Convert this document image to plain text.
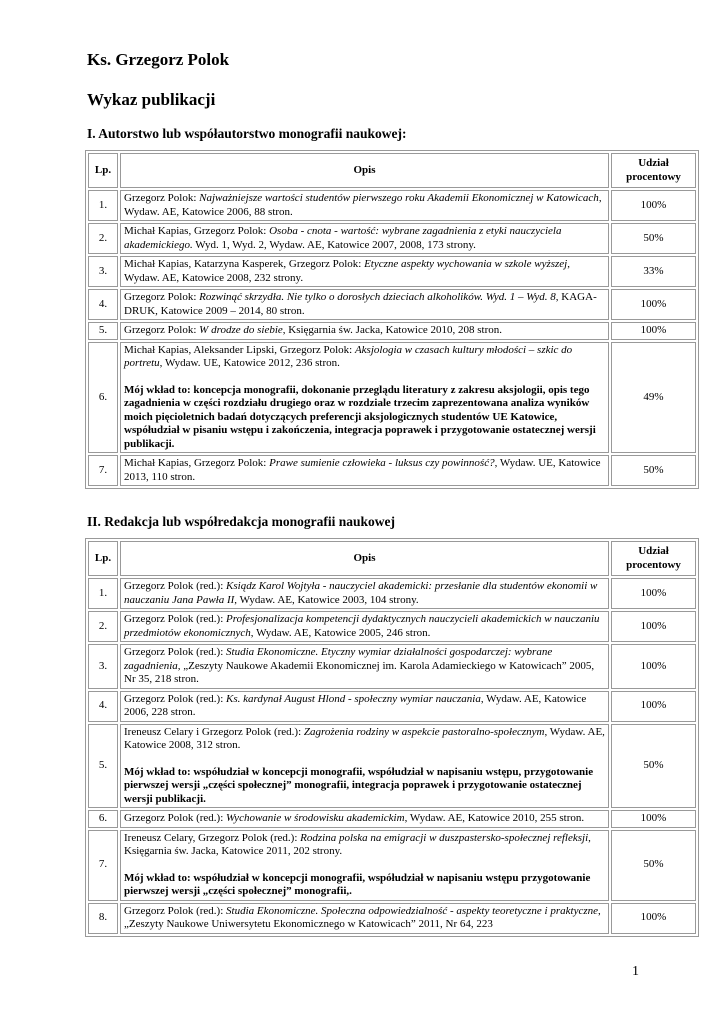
Ks. Grzegorz Polok
Wykaz publikacji
I. Autorstwo lub współautorstwo monografii naukowej:
Lp.	Opis	Udział procentowy
1.	Grzegorz Polok: Najważniejsze wartości studentów pierwszego roku Akademii Ekonomicznej w Katowicach, Wydaw. AE, Katowice 2006, 88 stron.	100%
2.	Michał Kapias, Grzegorz Polok: Osoba - cnota - wartość: wybrane zagadnienia z etyki nauczyciela akademickiego. Wyd. 1, Wyd. 2, Wydaw. AE, Katowice 2007, 2008, 173 strony.	50%
3.	Michał Kapias, Katarzyna Kasperek, Grzegorz Polok: Etyczne aspekty wychowania w szkole wyższej, Wydaw. AE, Katowice 2008, 232 strony.	33%
4.	Grzegorz Polok: Rozwinąć skrzydła. Nie tylko o dorosłych dzieciach alkoholików. Wyd. 1 – Wyd. 8, KAGA-DRUK, Katowice 2009 – 2014, 80 stron.	100%
5.	Grzegorz Polok: W drodze do siebie, Księgarnia św. Jacka, Katowice 2010, 208 stron.	100%
6.	Michał Kapias, Aleksander Lipski, Grzegorz Polok: Aksjologia w czasach kultury młodości – szkic do portretu, Wydaw. UE, Katowice 2012, 236 stron.
Mój wkład to: koncepcja monografii, dokonanie przeglądu literatury z zakresu aksjologii, opis tego zagadnienia w części rozdziału drugiego oraz w rozdziale trzecim zaprezentowana analiza wyników moich pięcioletnich badań dotyczących preferencji aksjologicznych studentów UE Katowice, współudział w pisaniu wstępu i zakończenia, integracja poprawek i przygotowanie ostatecznej wersji publikacji.	49%
7.	Michał Kapias, Grzegorz Polok: Prawe sumienie człowieka - luksus czy powinność?, Wydaw. UE, Katowice 2013, 110 stron.	50%
II. Redakcja lub współredakcja monografii naukowej
Lp.	Opis	Udział procentowy
1.	Grzegorz Polok (red.): Ksiądz Karol Wojtyła - nauczyciel akademicki: przesłanie dla studentów ekonomii w nauczaniu Jana Pawła II, Wydaw. AE, Katowice 2003, 104 strony.	100%
2.	Grzegorz Polok (red.): Profesjonalizacja kompetencji dydaktycznych nauczycieli akademickich w nauczaniu przedmiotów ekonomicznych, Wydaw. AE, Katowice 2005, 246 stron.	100%
3.	Grzegorz Polok (red.): Studia Ekonomiczne. Etyczny wymiar działalności gospodarczej: wybrane zagadnienia, „Zeszyty Naukowe Akademii Ekonomicznej im. Karola Adamieckiego w Katowicach” 2005, Nr 35, 218 stron.	100%
4.	Grzegorz Polok (red.): Ks. kardynał August Hlond - społeczny wymiar nauczania, Wydaw. AE, Katowice 2006, 228 stron.	100%
5.	Ireneusz Celary i Grzegorz Polok (red.): Zagrożenia rodziny w aspekcie pastoralno-społecznym, Wydaw. AE, Katowice 2008, 312 stron.
Mój wkład to: współudział w koncepcji monografii, współudział w napisaniu wstępu, przygotowanie pierwszej wersji „części społecznej” monografii, integracja poprawek i przygotowanie ostatecznej wersji publikacji.	50%
6.	Grzegorz Polok (red.): Wychowanie w środowisku akademickim, Wydaw. AE, Katowice 2010, 255 stron.	100%
7.	Ireneusz Celary, Grzegorz Polok (red.): Rodzina polska na emigracji w duszpastersko-społecznej refleksji, Księgarnia św. Jacka, Katowice 2011, 202 strony.
Mój wkład to: współudział w koncepcji monografii, współudział w napisaniu wstępu przygotowanie pierwszej wersji „części społecznej” monografii,.	50%
8.	Grzegorz Polok (red.): Studia Ekonomiczne. Społeczna odpowiedzialność - aspekty teoretyczne i praktyczne, „Zeszyty Naukowe Uniwersytetu Ekonomicznego w Katowicach” 2011, Nr 64, 223	100%
1
